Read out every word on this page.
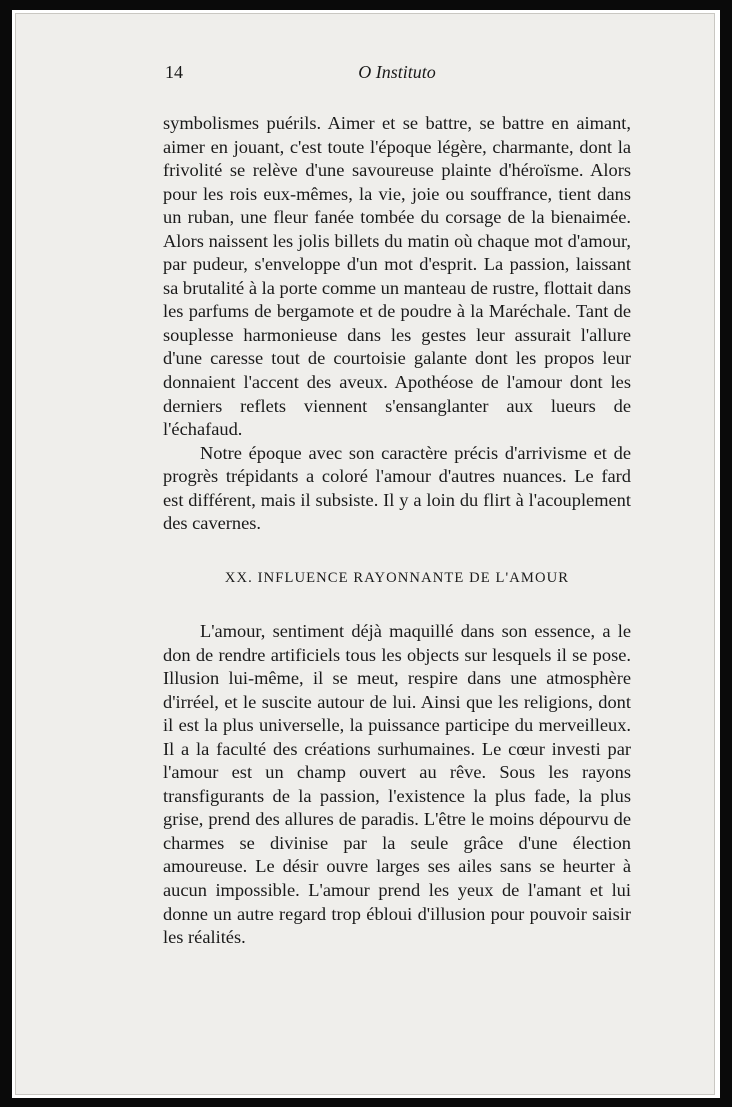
14	O Instituto

symbolismes puérils. Aimer et se battre, se battre en aimant, aimer en jouant, c'est toute l'époque légère, charmante, dont la frivolité se relève d'une savoureuse plainte d'héroïsme. Alors pour les rois eux-mêmes, la vie, joie ou souffrance, tient dans un ruban, une fleur fanée tombée du corsage de la bienaimée. Alors naissent les jolis billets du matin où chaque mot d'amour, par pudeur, s'enveloppe d'un mot d'esprit. La passion, laissant sa brutalité à la porte comme un manteau de rustre, flottait dans les parfums de bergamote et de poudre à la Maréchale. Tant de souplesse harmonieuse dans les gestes leur assurait l'allure d'une caresse tout de courtoisie galante dont les propos leur donnaient l'accent des aveux. Apothéose de l'amour dont les derniers reflets viennent s'ensanglanter aux lueurs de l'échafaud.

Notre époque avec son caractère précis d'arrivisme et de progrès trépidants a coloré l'amour d'autres nuances. Le fard est différent, mais il subsiste. Il y a loin du flirt à l'acouplement des cavernes.

XX. INFLUENCE RAYONNANTE DE L'AMOUR

L'amour, sentiment déjà maquillé dans son essence, a le don de rendre artificiels tous les objects sur lesquels il se pose. Illusion lui-même, il se meut, respire dans une atmosphère d'irréel, et le suscite autour de lui. Ainsi que les religions, dont il est la plus universelle, la puissance participe du merveilleux. Il a la faculté des créations surhumaines. Le cœur investi par l'amour est un champ ouvert au rêve. Sous les rayons transfigurants de la passion, l'existence la plus fade, la plus grise, prend des allures de paradis. L'être le moins dépourvu de charmes se divinise par la seule grâce d'une élection amoureuse. Le désir ouvre larges ses ailes sans se heurter à aucun impossible. L'amour prend les yeux de l'amant et lui donne un autre regard trop ébloui d'illusion pour pouvoir saisir les réalités.
